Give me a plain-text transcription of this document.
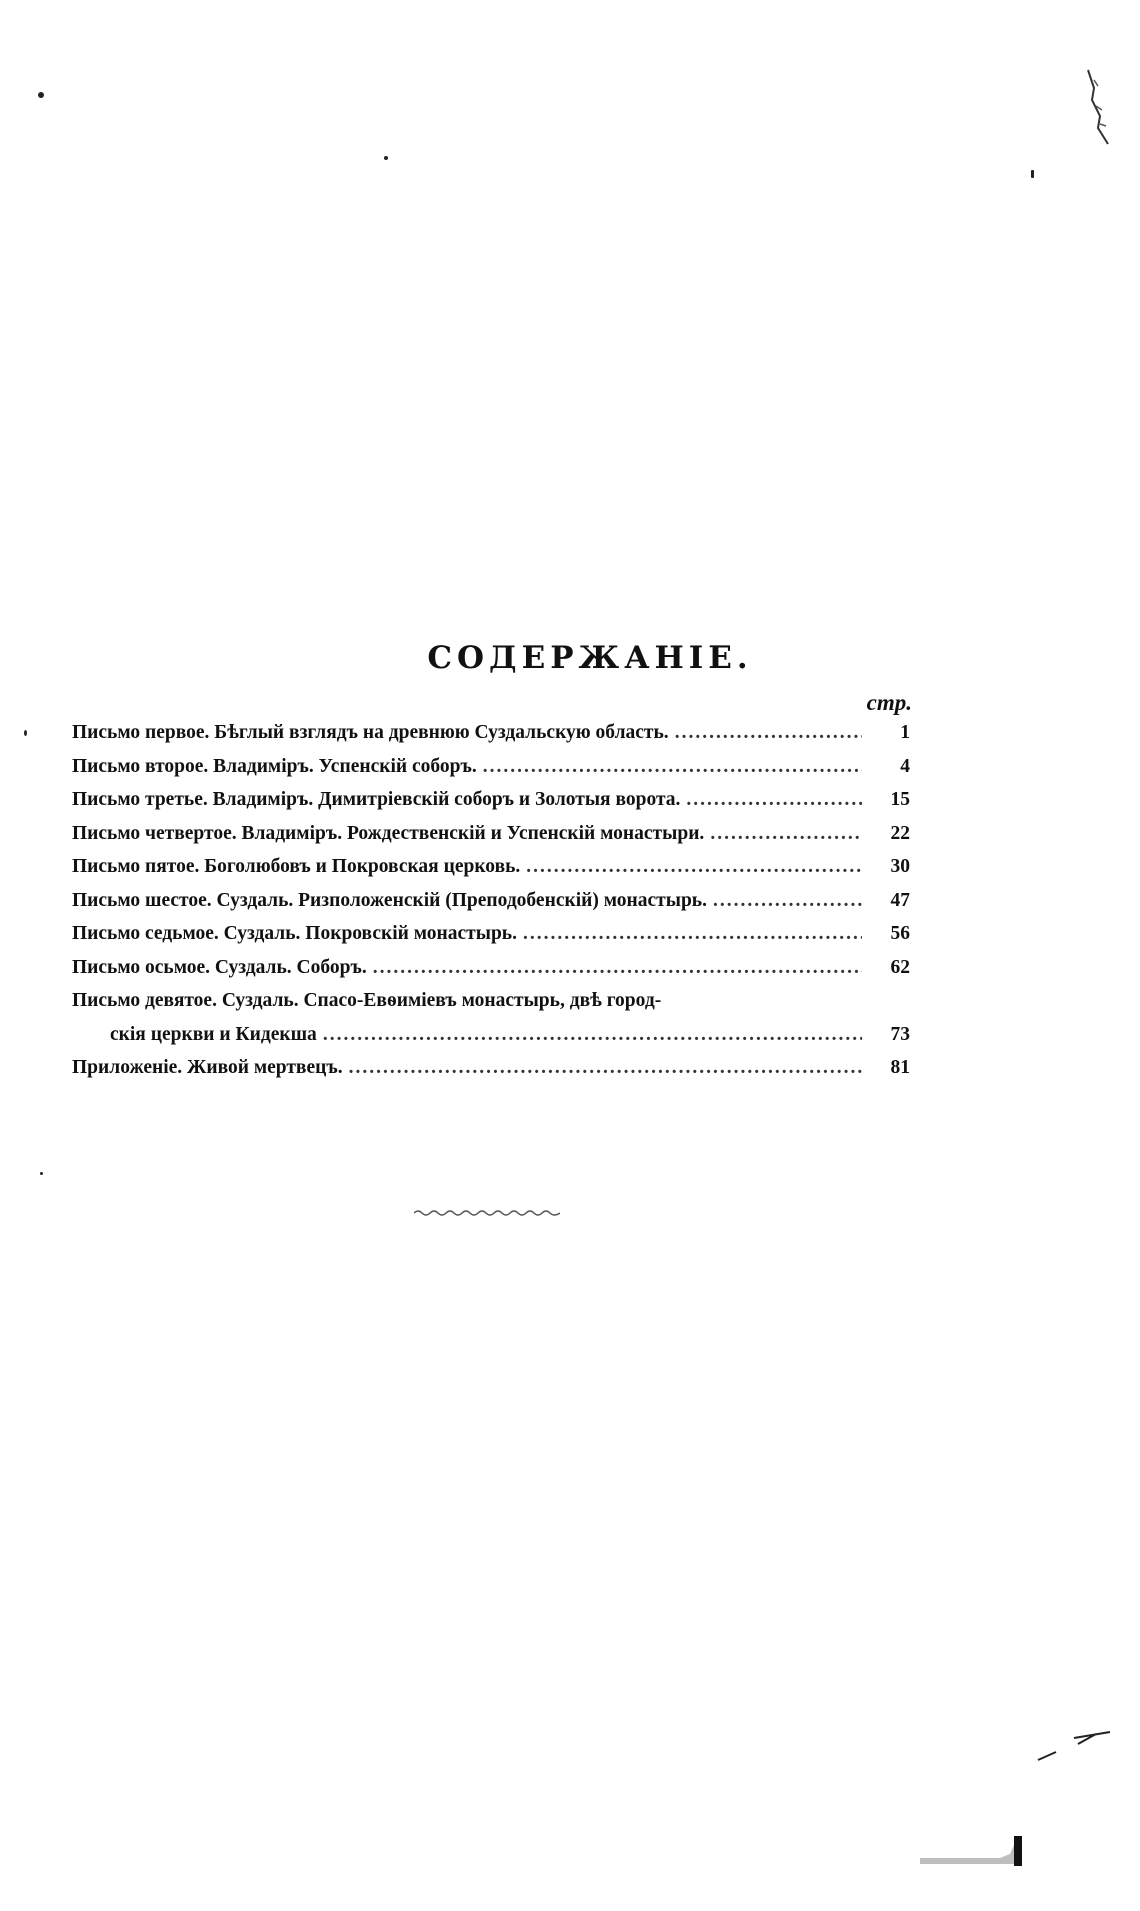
СОДЕРЖАНІЕ.
стр.
Письмо первое. Бѣглый взглядъ на древнюю Суздальскую область. .....	1
Письмо второе. Владиміръ. Успенскій соборъ. .....	4
Письмо третье. Владиміръ. Димитріевскій соборъ и Золотыя ворота. .....	15
Письмо четвертое. Владиміръ. Рождественскій и Успенскій монастыри. .....	22
Письмо пятое. Боголюбовъ и Покровская церковь. .....	30
Письмо шестое. Суздаль. Ризположенскій (Преподобенскій) монастырь. .....	47
Письмо седьмое. Суздаль. Покровскій монастырь. .....	56
Письмо осьмое. Суздаль. Соборъ. .....	62
Письмо девятое. Суздаль. Спасо-Евѳиміевъ монастырь, двѣ город-
скія церкви и Кидекша .....	73
Приложеніе. Живой мертвецъ. .....	81
